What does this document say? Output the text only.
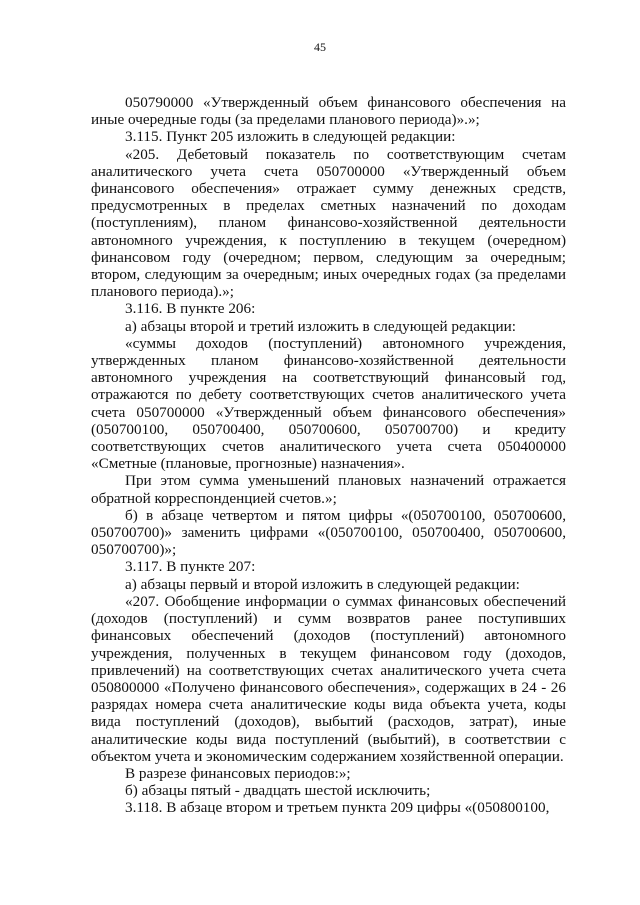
45

050790000 «Утвержденный объем финансового обеспечения на иные очередные годы (за пределами планового периода)».»;

3.115. Пункт 205 изложить в следующей редакции:

«205. Дебетовый показатель по соответствующим счетам аналитического учета счета 050700000 «Утвержденный объем финансового обеспечения» отражает сумму денежных средств, предусмотренных в пределах сметных назначений по доходам (поступлениям), планом финансово-хозяйственной деятельности автономного учреждения, к поступлению в текущем (очередном) финансовом году (очередном; первом, следующим за очередным; втором, следующим за очередным; иных очередных годах (за пределами планового периода).»;

3.116. В пункте 206:

а) абзацы второй и третий изложить в следующей редакции:

«суммы доходов (поступлений) автономного учреждения, утвержденных планом финансово-хозяйственной деятельности автономного учреждения на соответствующий финансовый год, отражаются по дебету соответствующих счетов аналитического учета счета 050700000 «Утвержденный объем финансового обеспечения» (050700100, 050700400, 050700600, 050700700) и кредиту соответствующих счетов аналитического учета счета 050400000 «Сметные (плановые, прогнозные) назначения».

При этом сумма уменьшений плановых назначений отражается обратной корреспонденцией счетов.»;

б) в абзаце четвертом и пятом цифры «(050700100, 050700600, 050700700)» заменить цифрами «(050700100, 050700400, 050700600, 050700700)»;

3.117. В пункте 207:

а) абзацы первый и второй изложить в следующей редакции:

«207. Обобщение информации о суммах финансовых обеспечений (доходов (поступлений) и сумм возвратов ранее поступивших финансовых обеспечений (доходов (поступлений) автономного учреждения, полученных в текущем финансовом году (доходов, привлечений) на соответствующих счетах аналитического учета счета 050800000 «Получено финансового обеспечения», содержащих в 24 - 26 разрядах номера счета аналитические коды вида объекта учета, коды вида поступлений (доходов), выбытий (расходов, затрат), иные аналитические коды вида поступлений (выбытий), в соответствии с объектом учета и экономическим содержанием хозяйственной операции.

В разрезе финансовых периодов:»;

б) абзацы пятый - двадцать шестой исключить;

3.118. В абзаце втором и третьем пункта 209 цифры «(050800100,
